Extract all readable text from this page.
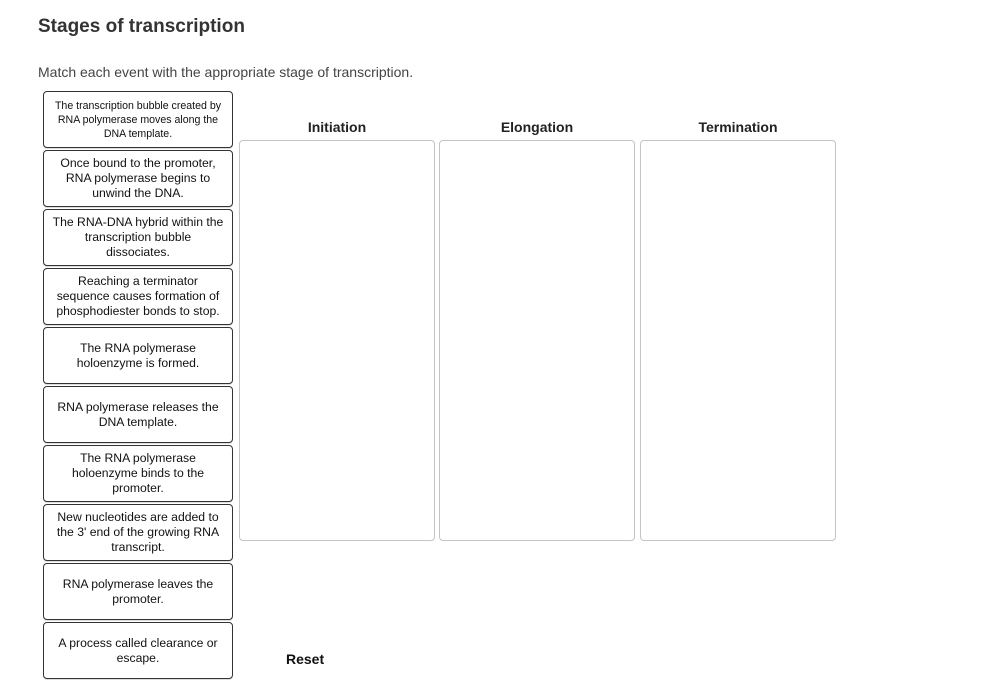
Stages of transcription
Match each event with the appropriate stage of transcription.
The transcription bubble created by RNA polymerase moves along the DNA template.
Once bound to the promoter, RNA polymerase begins to unwind the DNA.
The RNA-DNA hybrid within the transcription bubble dissociates.
Reaching a terminator sequence causes formation of phosphodiester bonds to stop.
The RNA polymerase holoenzyme is formed.
RNA polymerase releases the DNA template.
The RNA polymerase holoenzyme binds to the promoter.
New nucleotides are added to the 3' end of the growing RNA transcript.
RNA polymerase leaves the promoter.
A process called clearance or escape.
Initiation	Elongation	Termination
Reset
